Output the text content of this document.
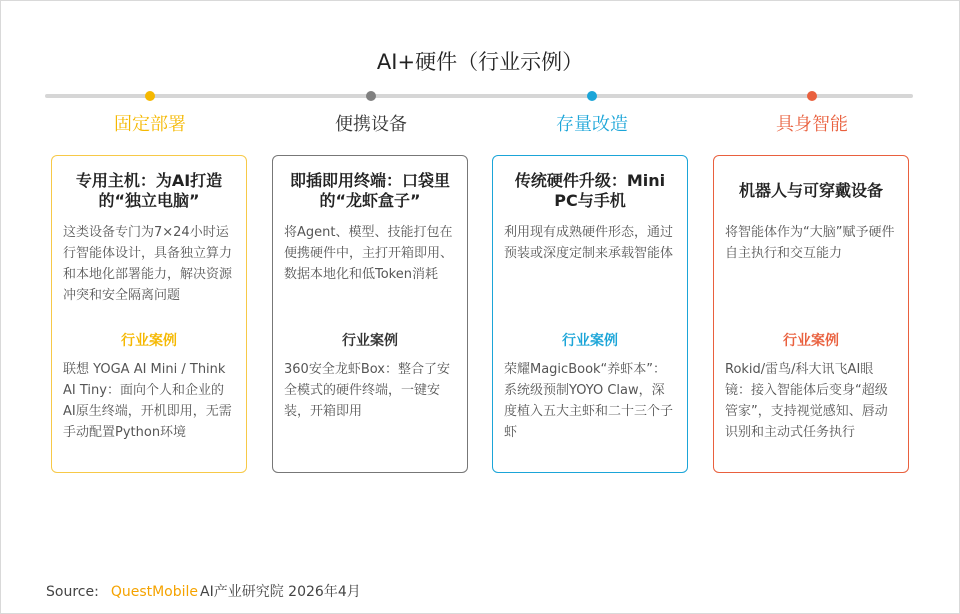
AI+硬件（行业示例）
固定部署	便携设备	存量改造	具身智能
专用主机：为AI打造的“独立电脑”
这类设备专门为7×24小时运行智能体设计，具备独立算力和本地化部署能力，解决资源冲突和安全隔离问题
行业案例
联想 YOGA AI Mini / Think AI Tiny：面向个人和企业的AI原生终端，开机即用，无需手动配置Python环境
即插即用终端：口袋里的“龙虾盒子”
将Agent、模型、技能打包在便携硬件中，主打开箱即用、数据本地化和低Token消耗
行业案例
360安全龙虾Box：整合了安全模式的硬件终端，一键安装，开箱即用
传统硬件升级：Mini PC与手机
利用现有成熟硬件形态，通过预装或深度定制来承载智能体
行业案例
荣耀MagicBook“养虾本”：系统级预制YOYO Claw，深度植入五大主虾和二十三个子虾
机器人与可穿戴设备
将智能体作为“大脑”赋予硬件自主执行和交互能力
行业案例
Rokid/雷鸟/科大讯飞AI眼镜：接入智能体后变身“超级管家”，支持视觉感知、唇动识别和主动式任务执行
Source: QuestMobile AI产业研究院 2026年4月
